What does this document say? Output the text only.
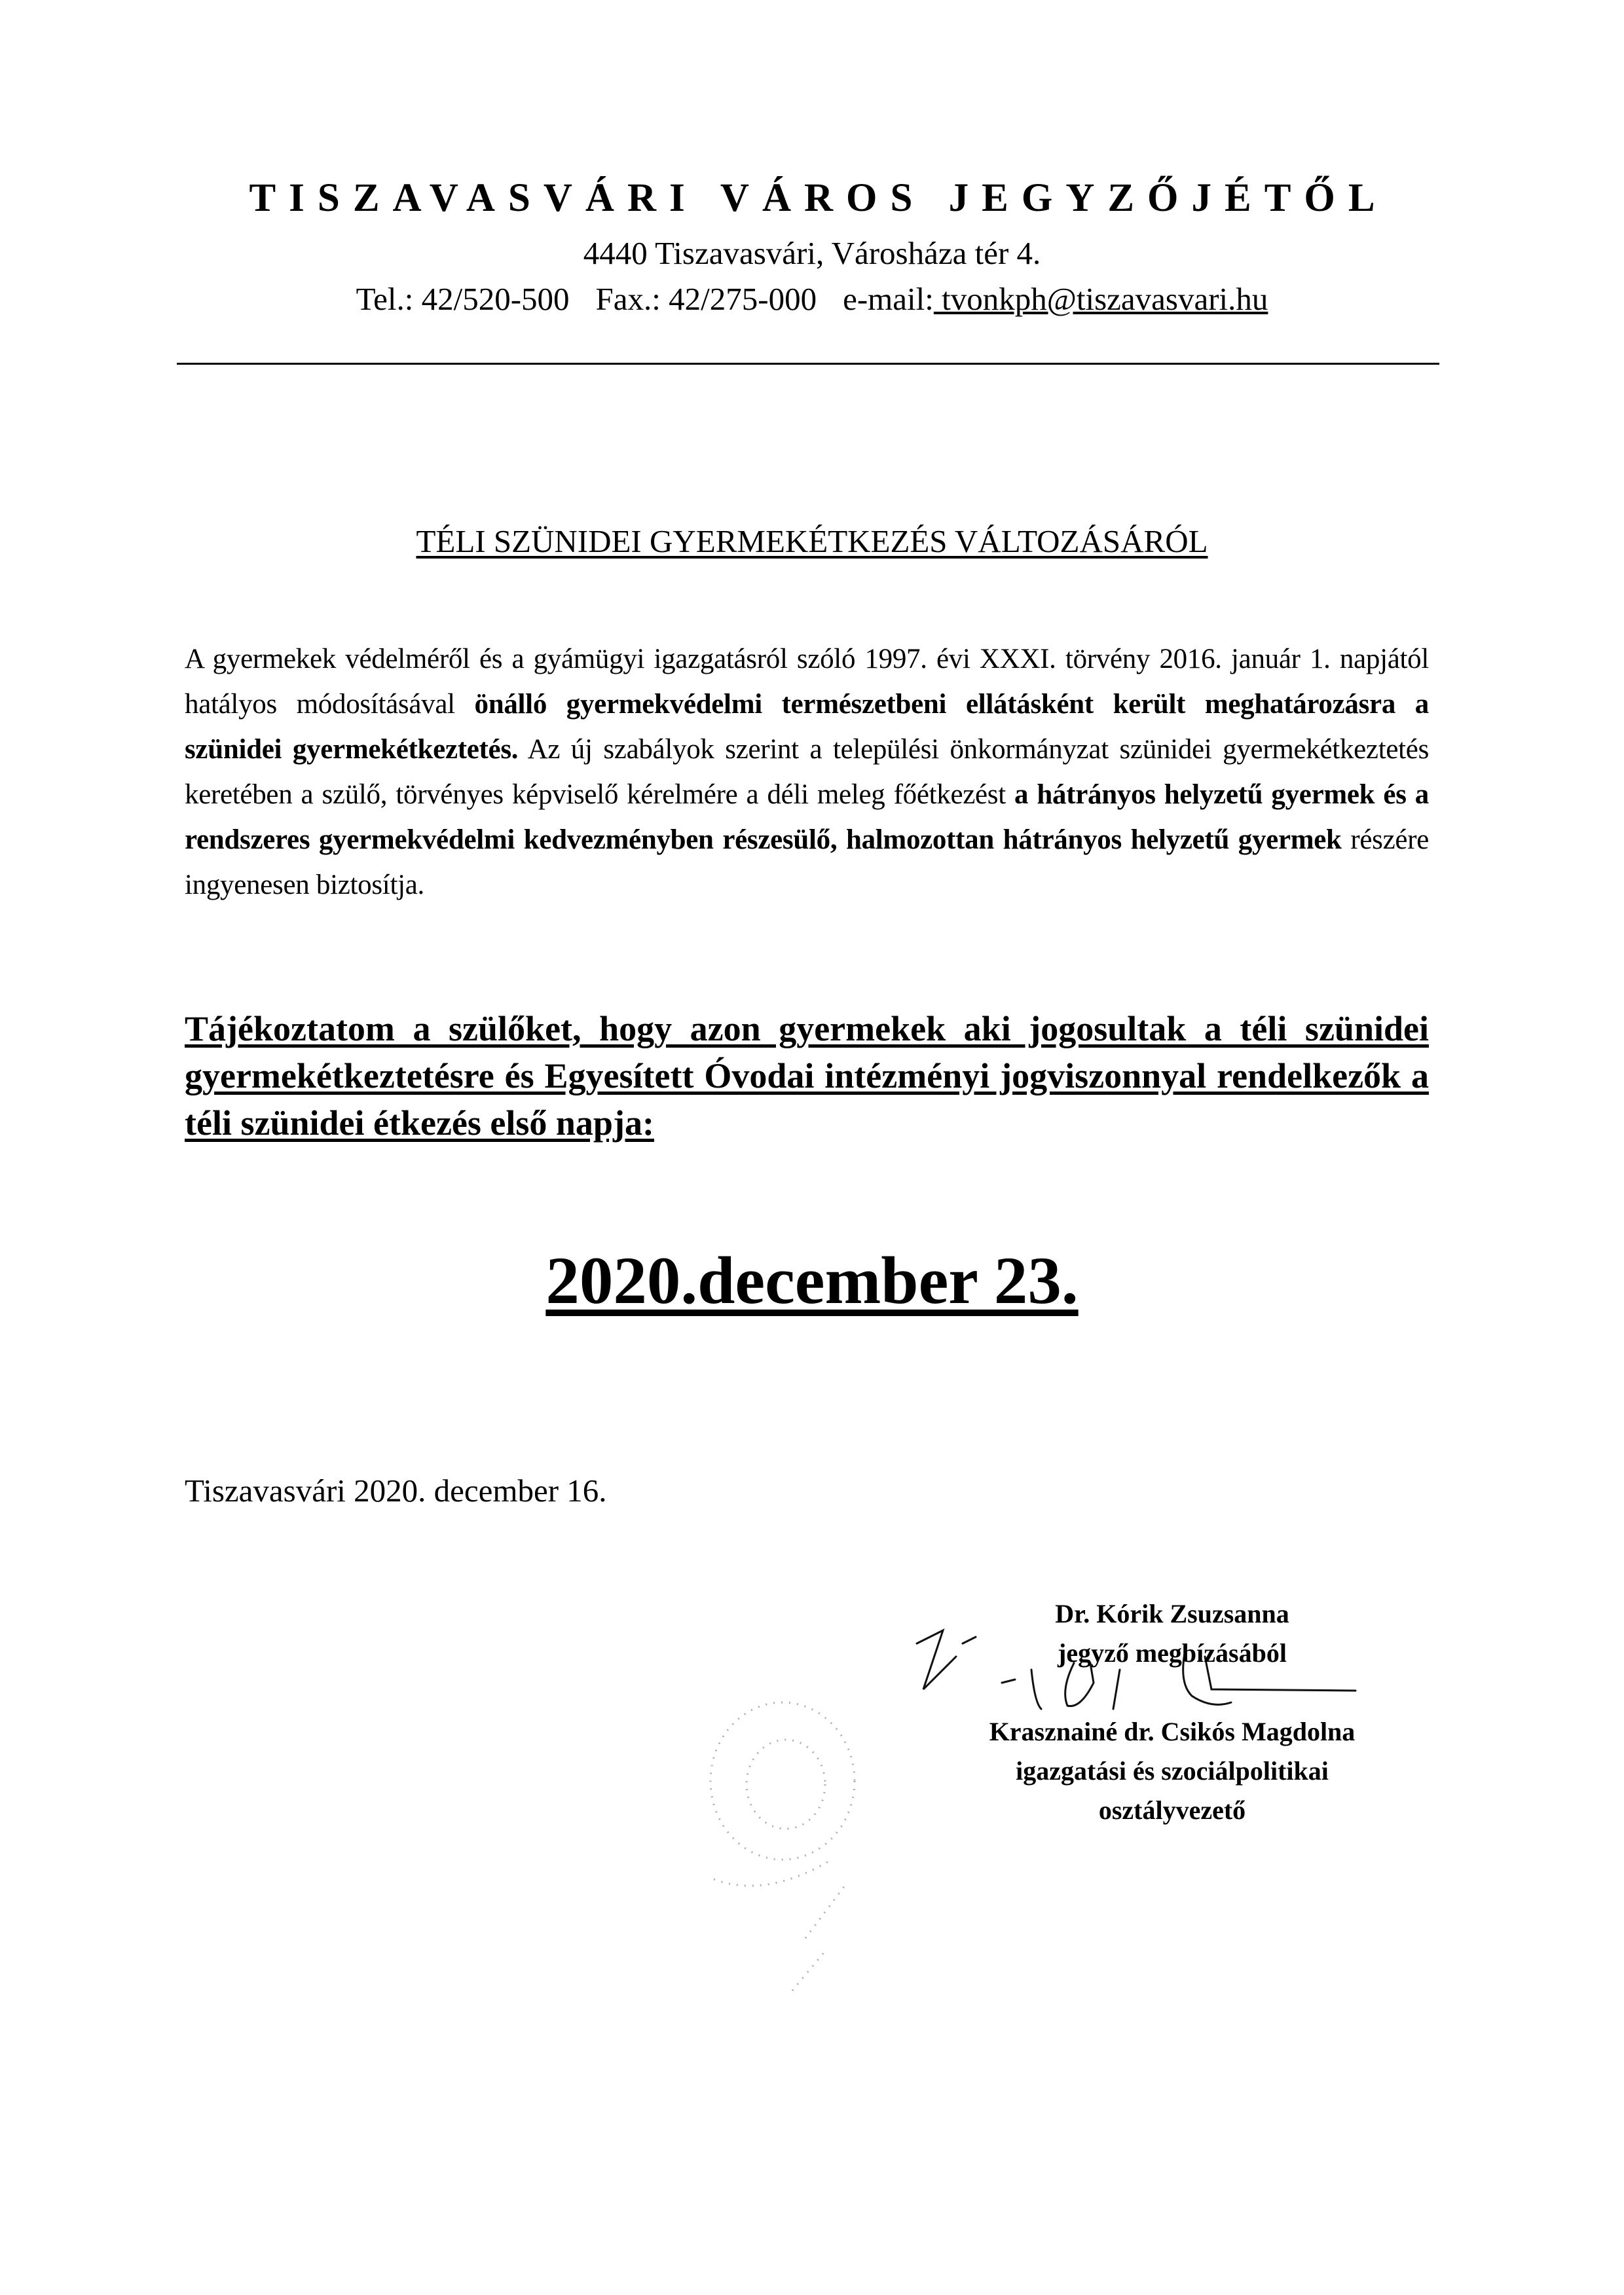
TISZAVASVÁRI VÁROS JEGYZŐJÉTŐL
4440 Tiszavasvári, Városháza tér 4.
Tel.: 42/520-500 Fax.: 42/275-000 e-mail: tvonkph@tiszavasvari.hu
TÉLI SZÜNIDEI GYERMEKÉTKEZÉS VÁLTOZÁSÁRÓL
A gyermekek védelméről és a gyámügyi igazgatásról szóló 1997. évi XXXI. törvény 2016. január 1. napjától hatályos módosításával önálló gyermekvédelmi természetbeni ellátásként került meghatározásra a szünidei gyermekétkeztetés. Az új szabályok szerint a települési önkormányzat szünidei gyermekétkeztetés keretében a szülő, törvényes képviselő kérelmére a déli meleg főétkezést a hátrányos helyzetű gyermek és a rendszeres gyermekvédelmi kedvezményben részesülő, halmozottan hátrányos helyzetű gyermek részére ingyenesen biztosítja.
Tájékoztatom a szülőket, hogy azon gyermekek aki jogosultak a téli szünidei gyermekétkeztetésre és Egyesített Óvodai intézményi jogviszonnyal rendelkezők a téli szünidei étkezés első napja:
2020.december 23.
Tiszavasvári 2020. december 16.
Dr. Kórik Zsuzsanna
jegyző megbízásából
Krasznainé dr. Csikós Magdolna
igazgatási és szociálpolitikai
osztályvezető
